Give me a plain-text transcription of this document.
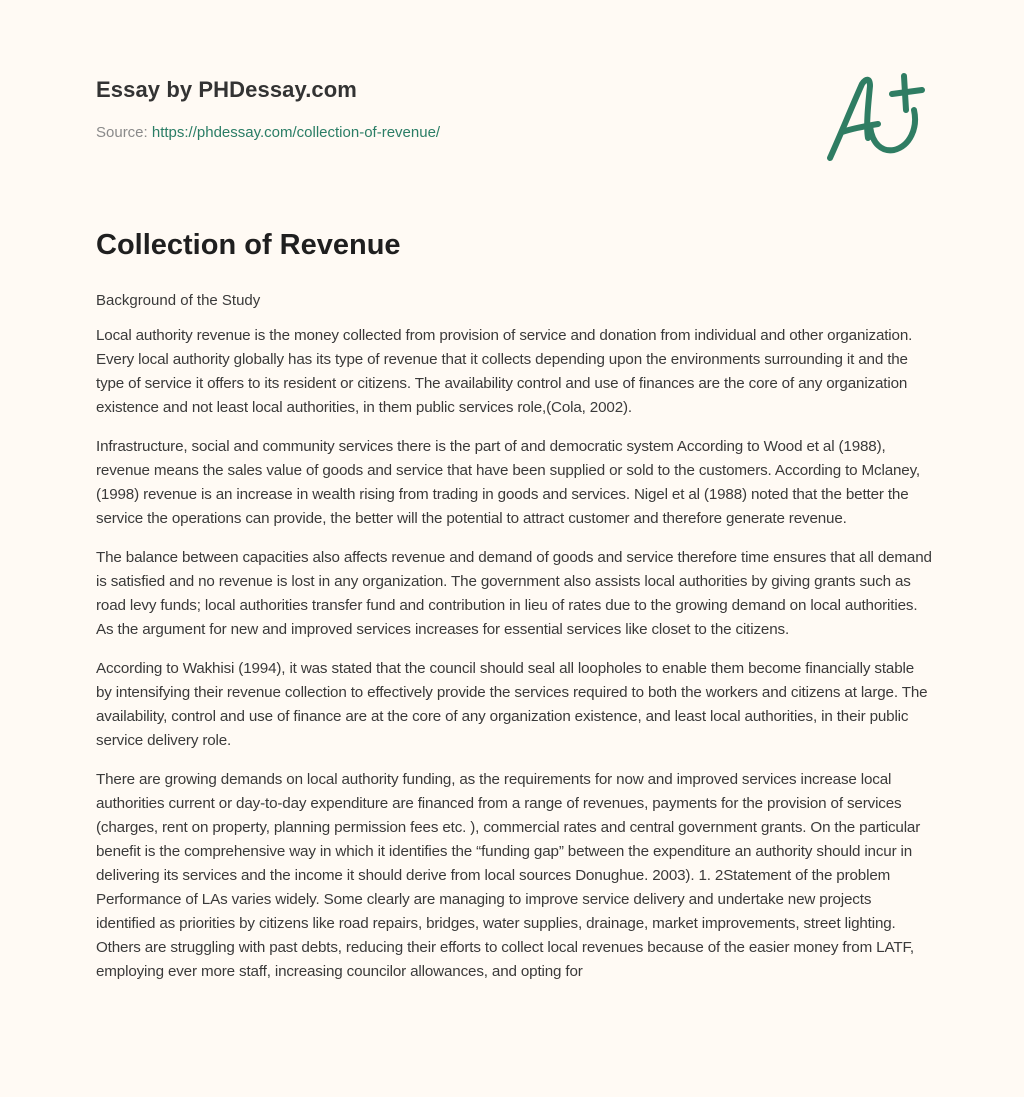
Essay by PHDessay.com
Source: https://phdessay.com/collection-of-revenue/
Collection of Revenue
Background of the Study

Local authority revenue is the money collected from provision of service and donation from individual and other organization. Every local authority globally has its type of revenue that it collects depending upon the environments surrounding it and the type of service it offers to its resident or citizens. The availability control and use of finances are the core of any organization existence and not least local authorities, in them public services role,(Cola, 2002).

Infrastructure, social and community services there is the part of and democratic system According to Wood et al (1988), revenue means the sales value of goods and service that have been supplied or sold to the customers. According to Mclaney, (1998) revenue is an increase in wealth rising from trading in goods and services. Nigel et al (1988) noted that the better the service the operations can provide, the better will the potential to attract customer and therefore generate revenue.

The balance between capacities also affects revenue and demand of goods and service therefore time ensures that all demand is satisfied and no revenue is lost in any organization. The government also assists local authorities by giving grants such as road levy funds; local authorities transfer fund and contribution in lieu of rates due to the growing demand on local authorities. As the argument for new and improved services increases for essential services like closet to the citizens.

According to Wakhisi (1994), it was stated that the council should seal all loopholes to enable them become financially stable by intensifying their revenue collection to effectively provide the services required to both the workers and citizens at large. The availability, control and use of finance are at the core of any organization existence, and least local authorities, in their public service delivery role.

There are growing demands on local authority funding, as the requirements for now and improved services increase local authorities current or day-to-day expenditure are financed from a range of revenues, payments for the provision of services (charges, rent on property, planning permission fees etc. ), commercial rates and central government grants. On the particular benefit is the comprehensive way in which it identifies the “funding gap” between the expenditure an authority should incur in delivering its services and the income it should derive from local sources Donughue. 2003). 1. 2Statement of the problem Performance of LAs varies widely. Some clearly are managing to improve service delivery and undertake new projects identified as priorities by citizens like road repairs, bridges, water supplies, drainage, market improvements, street lighting. Others are struggling with past debts, reducing their efforts to collect local revenues because of the easier money from LATF, employing ever more staff, increasing councilor allowances, and opting for
